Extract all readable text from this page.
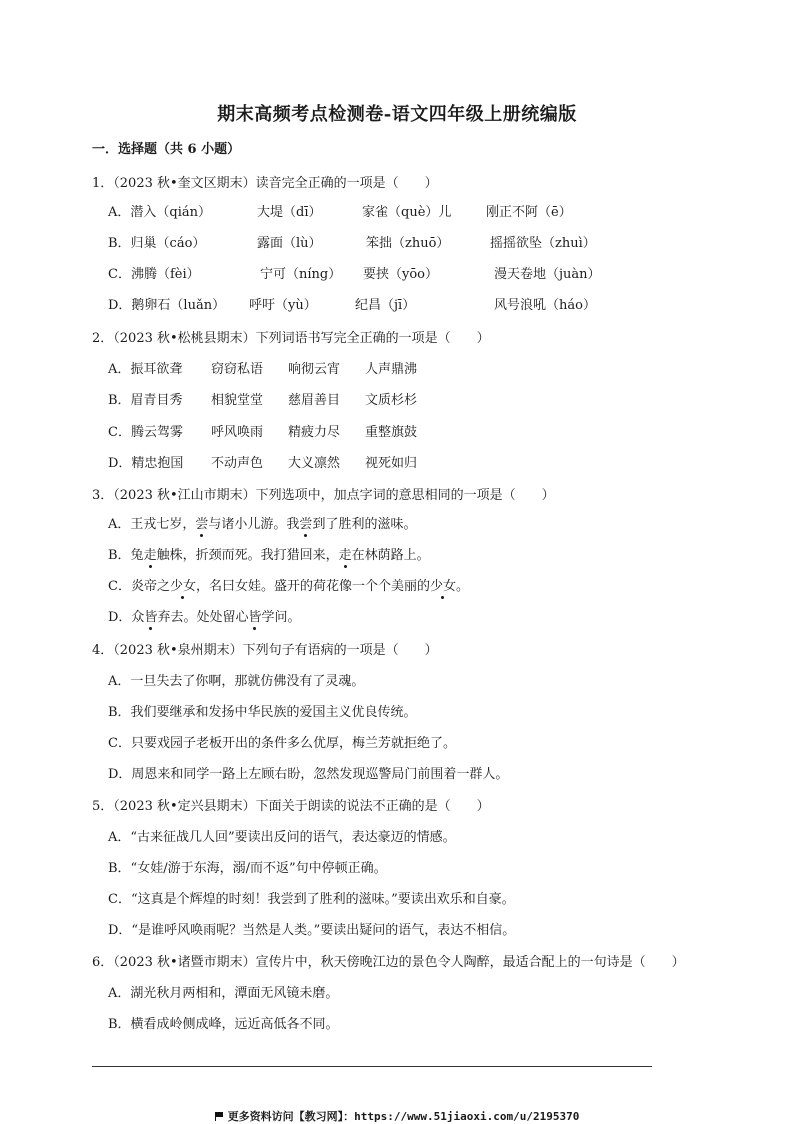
期末高频考点检测卷-语文四年级上册统编版
一．选择题（共 6 小题）
1．（2023 秋•奎文区期末）读音完全正确的一项是（　　）
A．潜入（qián）	大堤（dī）	家雀（què）儿	刚正不阿（ē）
B．归巢（cáo）	露面（lù）	笨拙（zhuō）	摇摇欲坠（zhuì）
C．沸腾（fèi）	宁可（níng） 要挟（yōo）	漫天卷地（juàn）
D．鹅卵石（luǎn） 呼吁（yù）	纪昌（jī）	风号浪吼（háo）
2．（2023 秋•松桃县期末）下列词语书写完全正确的一项是（　　）
A．振耳欲聋 窃窃私语 响彻云宵 人声鼎沸
B．眉青目秀 相貌堂堂 慈眉善目 文质杉杉
C．腾云驾雾 呼风唤雨 精疲力尽 重整旗鼓
D．精忠抱国 不动声色 大义凛然 视死如归
3．（2023 秋•江山市期末）下列选项中，加点字词的意思相同的一项是（　　）
A．王戎七岁，尝与诸小儿游。我尝到了胜利的滋味。
B．兔走触株，折颈而死。我打猎回来，走在林荫路上。
C．炎帝之少女，名曰女娃。盛开的荷花像一个个美丽的少女。
D．众皆弃去。处处留心皆学问。
4．（2023 秋•泉州期末）下列句子有语病的一项是（　　）
A．一旦失去了你啊，那就仿佛没有了灵魂。
B．我们要继承和发扬中华民族的爱国主义优良传统。
C．只要戏园子老板开出的条件多么优厚，梅兰芳就拒绝了。
D．周恩来和同学一路上左顾右盼，忽然发现巡警局门前围着一群人。
5．（2023 秋•定兴县期末）下面关于朗读的说法不正确的是（　　）
A．“古来征战几人回”要读出反问的语气，表达豪迈的情感。
B．“女娃/游于东海，溺/而不返”句中停顿正确。
C．“这真是个辉煌的时刻！我尝到了胜利的滋味。”要读出欢乐和自豪。
D．“是谁呼风唤雨呢？当然是人类。”要读出疑问的语气，表达不相信。
6．（2023 秋•诸暨市期末）宣传片中，秋天傍晚江边的景色令人陶醉，最适合配上的一句诗是（　　）
A．湖光秋月两相和，潭面无风镜未磨。
B．横看成岭侧成峰，远近高低各不同。
更多资料访问【教习网】：https://www.51jiaoxi.com/u/2195370
